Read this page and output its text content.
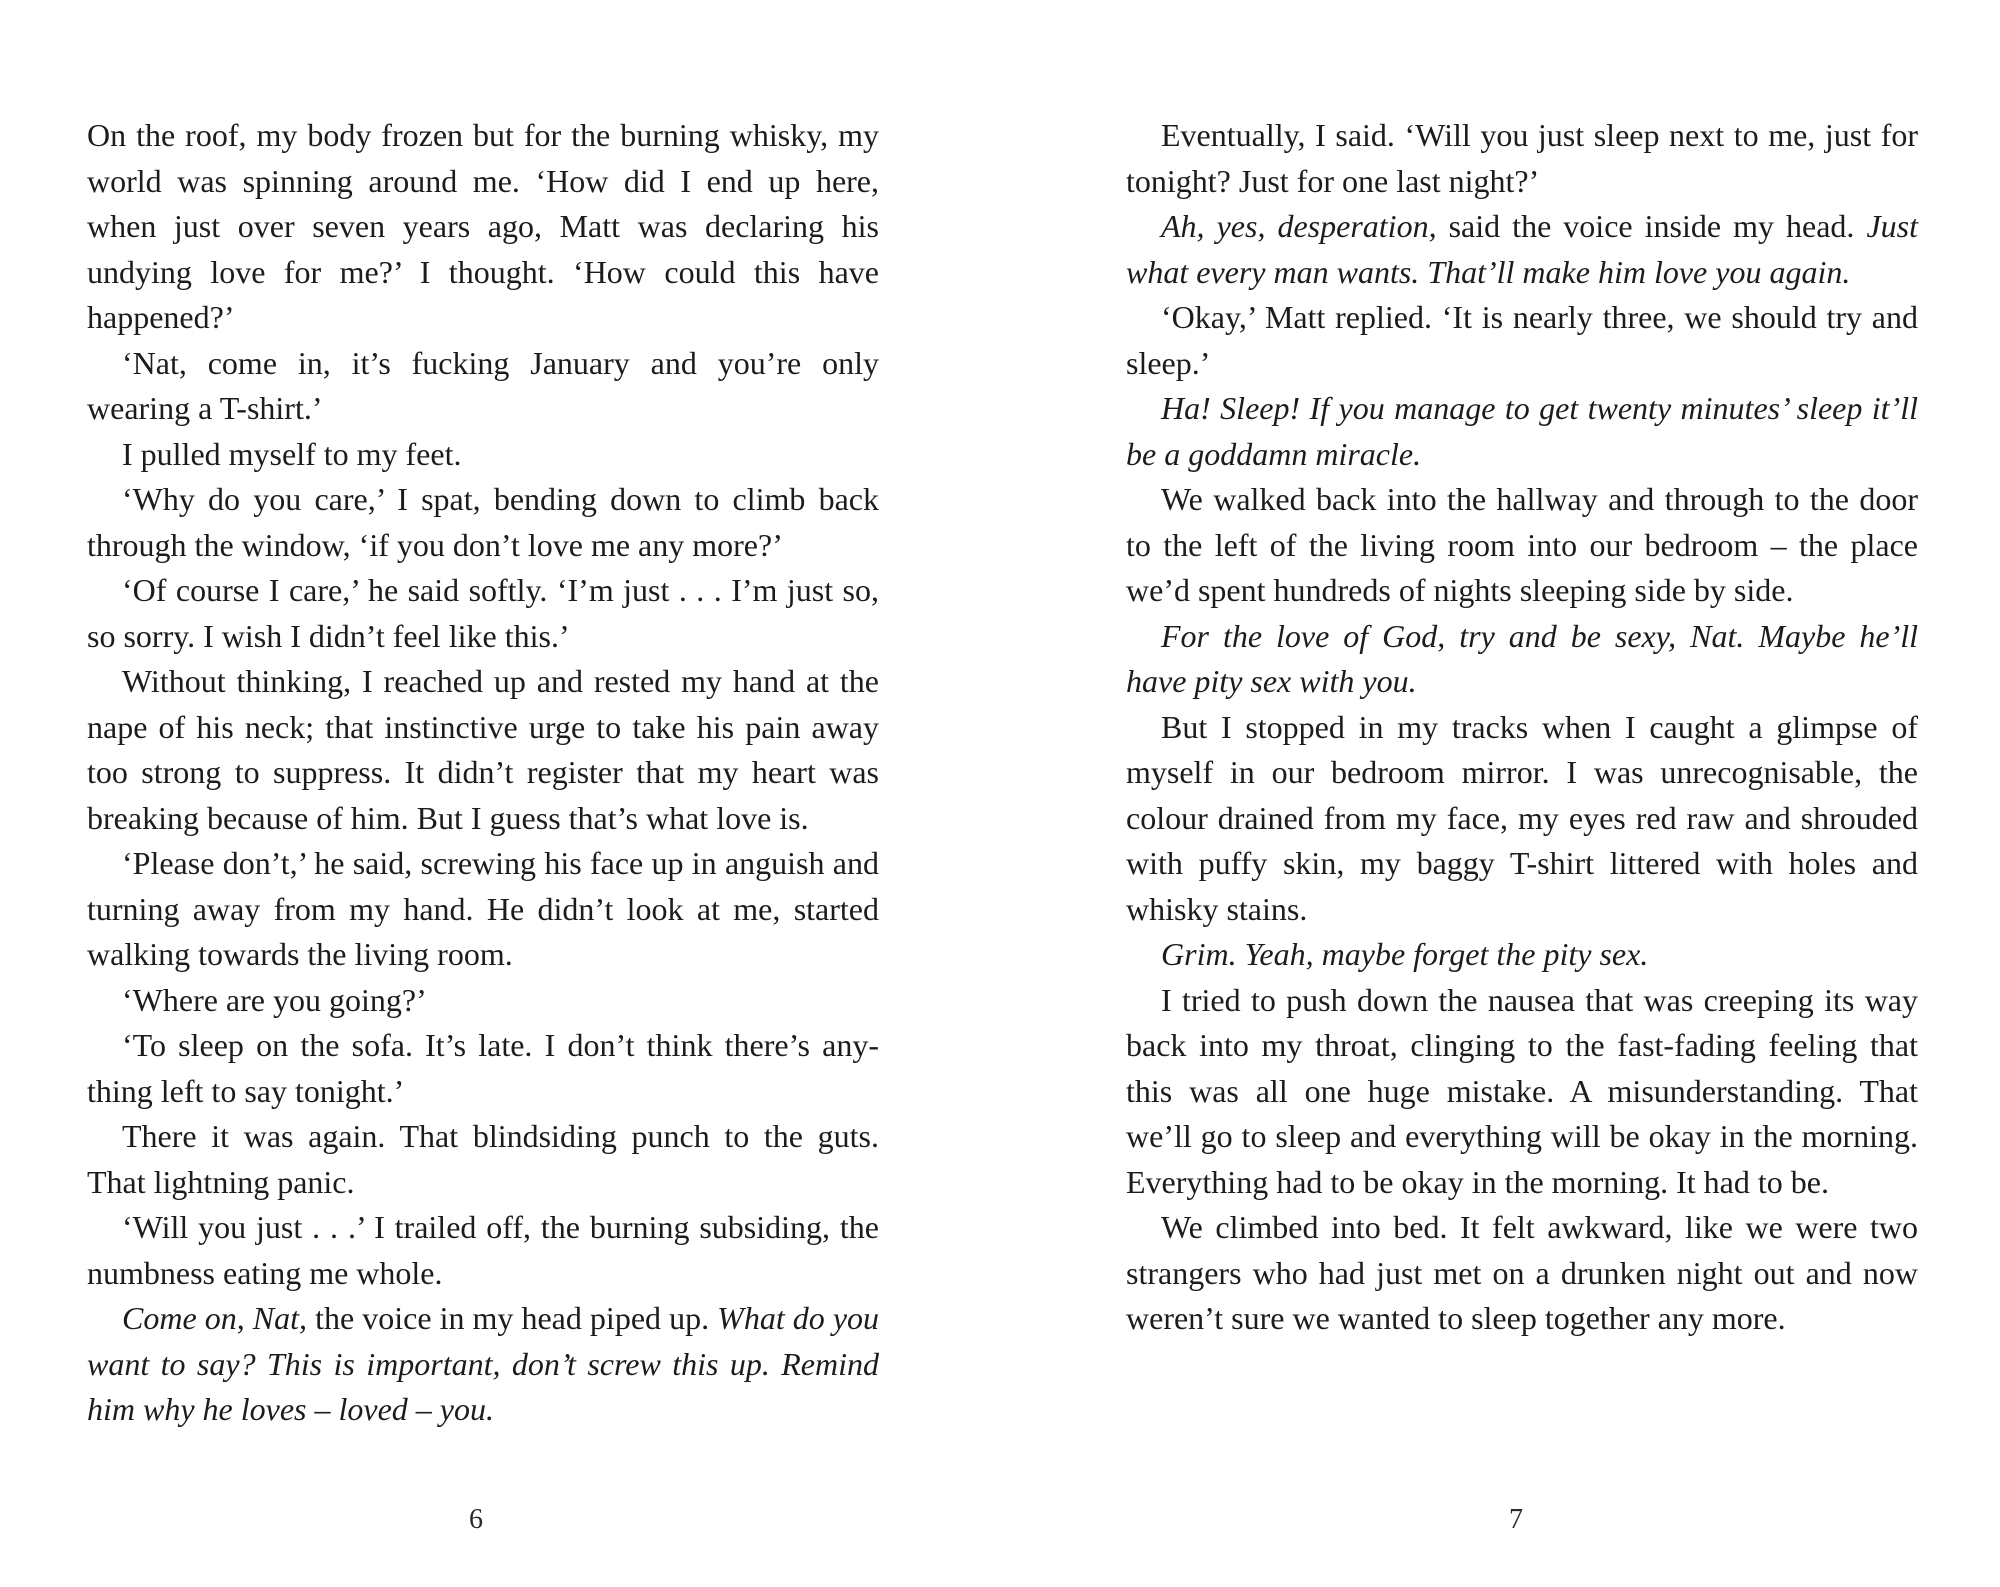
On the roof, my body frozen but for the burning whisky, my world was spinning around me. ‘How did I end up here, when just over seven years ago, Matt was declaring his undying love for me?’ I thought. ‘How could this have happened?’

‘Nat, come in, it’s fucking January and you’re only wearing a T-shirt.’

I pulled myself to my feet.

‘Why do you care,’ I spat, bending down to climb back through the window, ‘if you don’t love me any more?’

‘Of course I care,’ he said softly. ‘I’m just . . . I’m just so, so sorry. I wish I didn’t feel like this.’

Without thinking, I reached up and rested my hand at the nape of his neck; that instinctive urge to take his pain away too strong to suppress. It didn’t register that my heart was breaking because of him. But I guess that’s what love is.

‘Please don’t,’ he said, screwing his face up in anguish and turning away from my hand. He didn’t look at me, started walking towards the living room.

‘Where are you going?’

‘To sleep on the sofa. It’s late. I don’t think there’s anything left to say tonight.’

There it was again. That blindsiding punch to the guts. That lightning panic.

‘Will you just . . .’ I trailed off, the burning subsiding, the numbness eating me whole.

Come on, Nat, the voice in my head piped up. What do you want to say? This is important, don’t screw this up. Remind him why he loves – loved – you.

6

Eventually, I said. ‘Will you just sleep next to me, just for tonight? Just for one last night?’

Ah, yes, desperation, said the voice inside my head. Just what every man wants. That’ll make him love you again.

‘Okay,’ Matt replied. ‘It is nearly three, we should try and sleep.’

Ha! Sleep! If you manage to get twenty minutes’ sleep it’ll be a goddamn miracle.

We walked back into the hallway and through to the door to the left of the living room into our bedroom – the place we’d spent hundreds of nights sleeping side by side.

For the love of God, try and be sexy, Nat. Maybe he’ll have pity sex with you.

But I stopped in my tracks when I caught a glimpse of myself in our bedroom mirror. I was unrecognisable, the colour drained from my face, my eyes red raw and shrouded with puffy skin, my baggy T-shirt littered with holes and whisky stains.

Grim. Yeah, maybe forget the pity sex.

I tried to push down the nausea that was creeping its way back into my throat, clinging to the fast-fading feeling that this was all one huge mistake. A misunderstanding. That we’ll go to sleep and everything will be okay in the morning. Everything had to be okay in the morning. It had to be.

We climbed into bed. It felt awkward, like we were two strangers who had just met on a drunken night out and now weren’t sure we wanted to sleep together any more.

7
